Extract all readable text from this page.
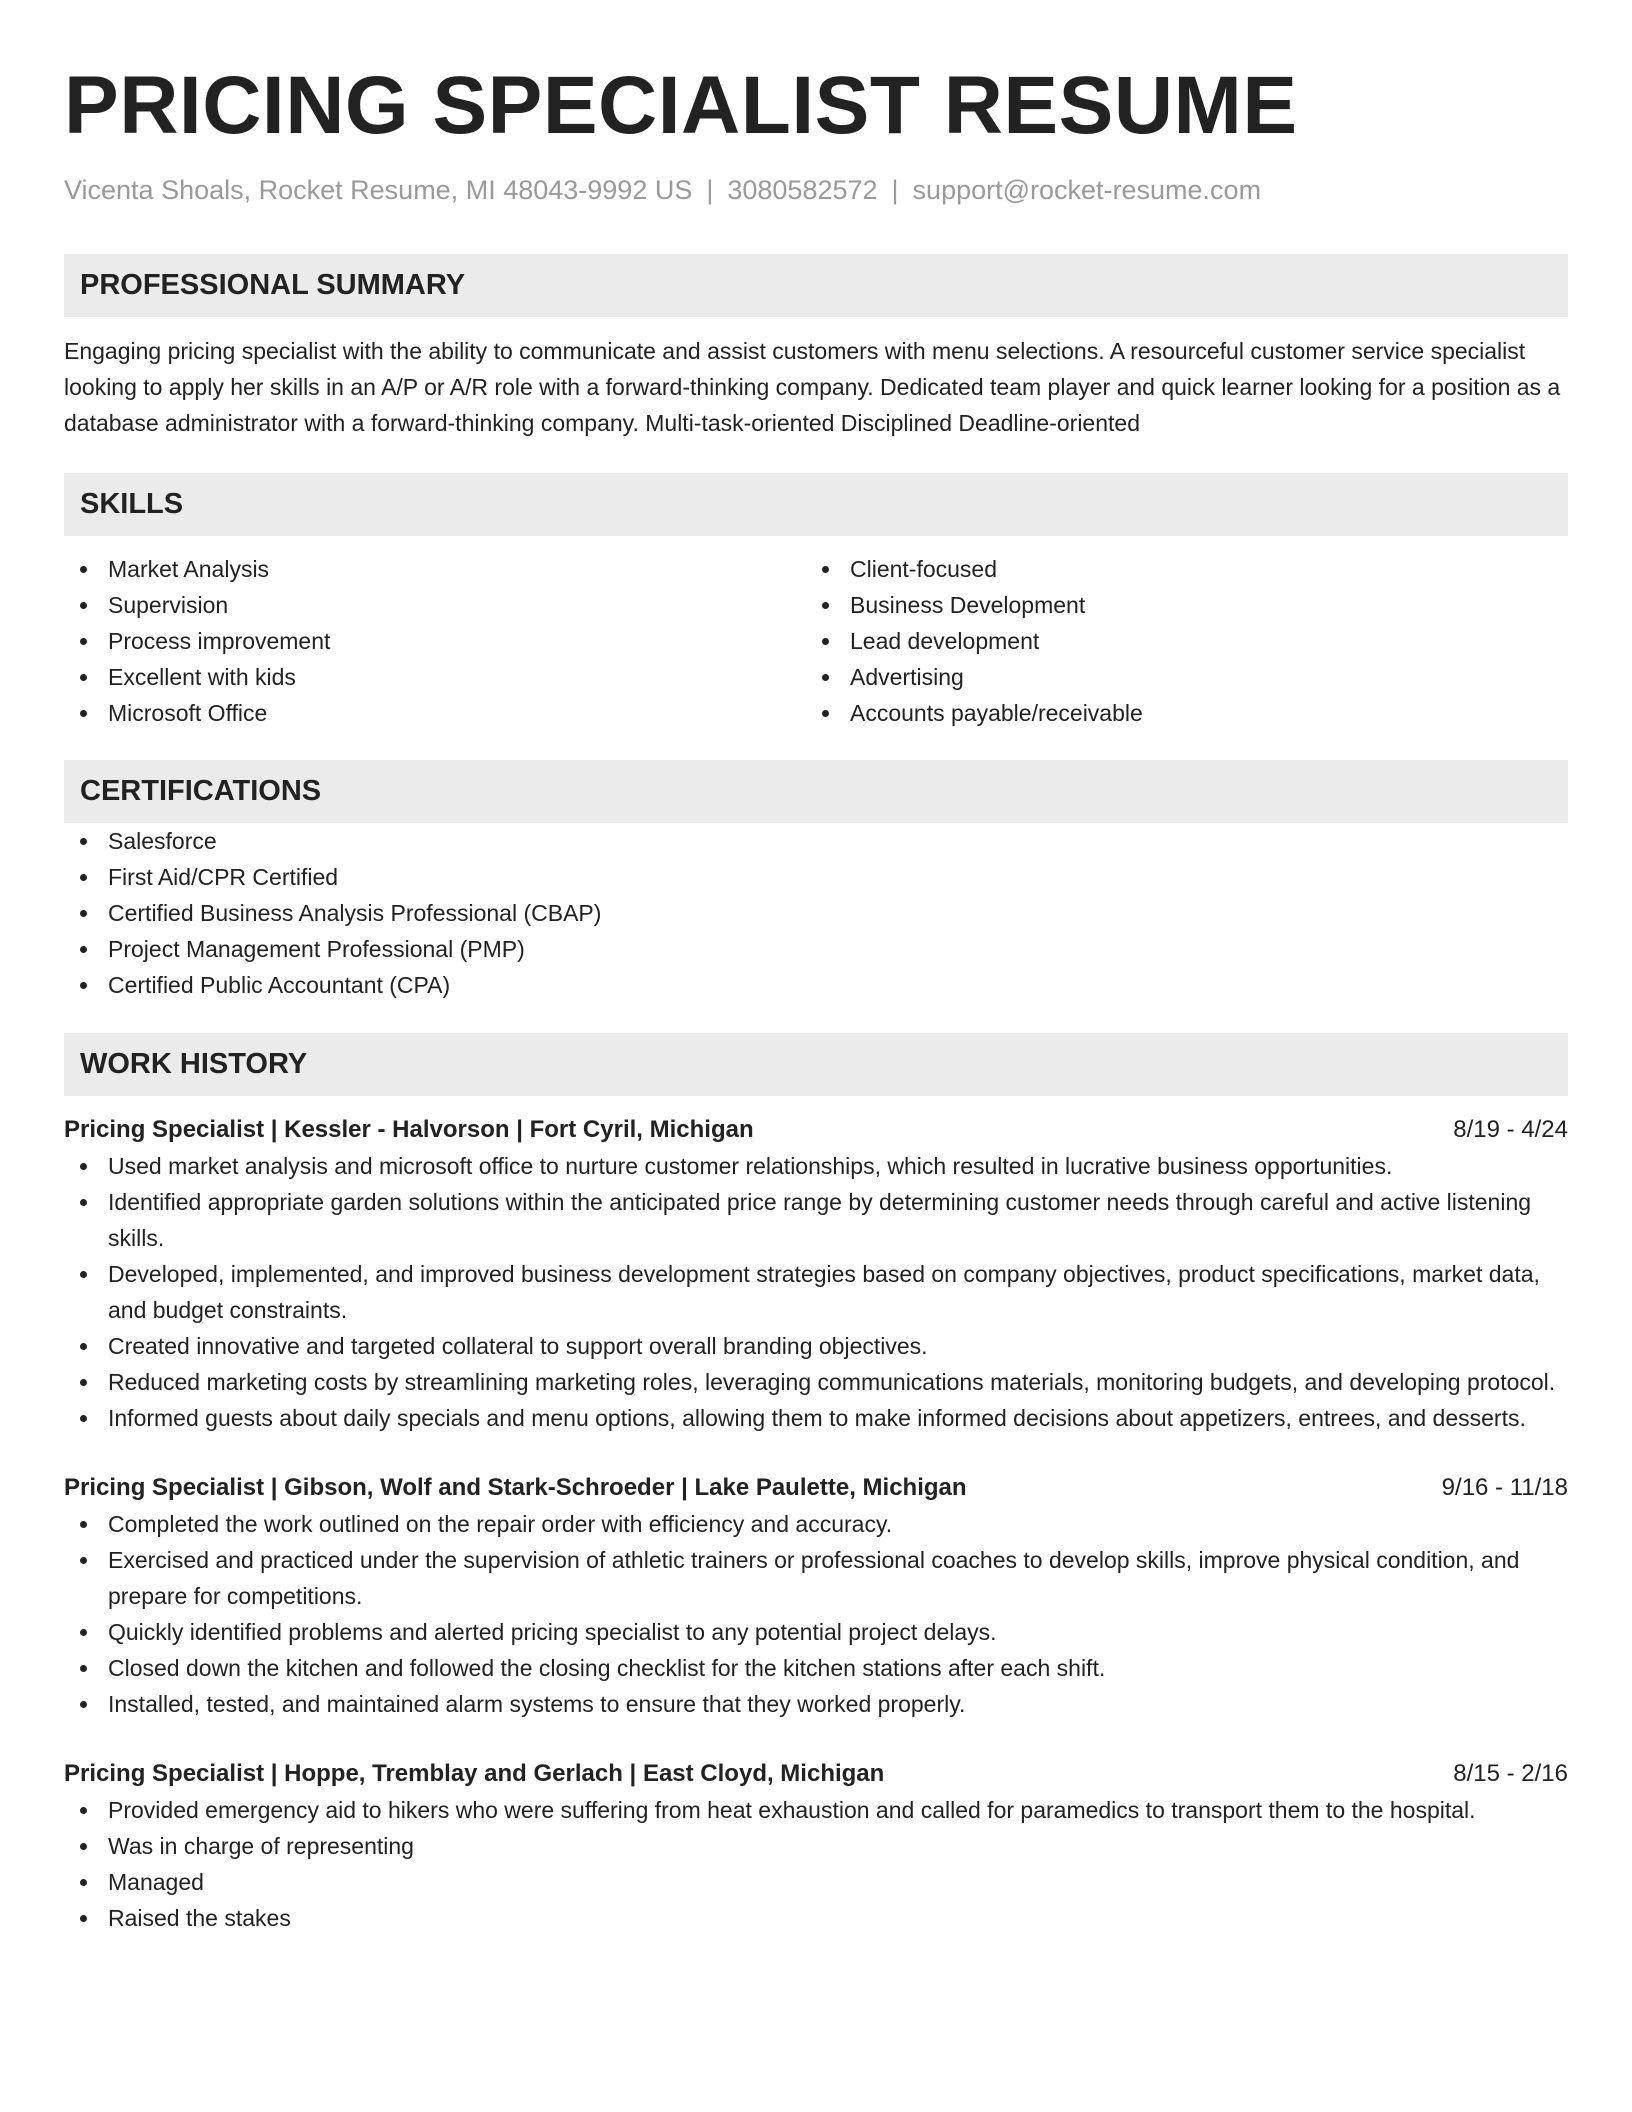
PRICING SPECIALIST RESUME
Vicenta Shoals, Rocket Resume, MI 48043-9992 US | 3080582572 | support@rocket-resume.com
PROFESSIONAL SUMMARY
Engaging pricing specialist with the ability to communicate and assist customers with menu selections. A resourceful customer service specialist looking to apply her skills in an A/P or A/R role with a forward-thinking company. Dedicated team player and quick learner looking for a position as a database administrator with a forward-thinking company. Multi-task-oriented Disciplined Deadline-oriented
SKILLS
Market Analysis
Supervision
Process improvement
Excellent with kids
Microsoft Office
Client-focused
Business Development
Lead development
Advertising
Accounts payable/receivable
CERTIFICATIONS
Salesforce
First Aid/CPR Certified
Certified Business Analysis Professional (CBAP)
Project Management Professional (PMP)
Certified Public Accountant (CPA)
WORK HISTORY
Pricing Specialist | Kessler - Halvorson | Fort Cyril, Michigan	8/19 - 4/24
Used market analysis and microsoft office to nurture customer relationships, which resulted in lucrative business opportunities.
Identified appropriate garden solutions within the anticipated price range by determining customer needs through careful and active listening skills.
Developed, implemented, and improved business development strategies based on company objectives, product specifications, market data, and budget constraints.
Created innovative and targeted collateral to support overall branding objectives.
Reduced marketing costs by streamlining marketing roles, leveraging communications materials, monitoring budgets, and developing protocol.
Informed guests about daily specials and menu options, allowing them to make informed decisions about appetizers, entrees, and desserts.
Pricing Specialist | Gibson, Wolf and Stark-Schroeder | Lake Paulette, Michigan	9/16 - 11/18
Completed the work outlined on the repair order with efficiency and accuracy.
Exercised and practiced under the supervision of athletic trainers or professional coaches to develop skills, improve physical condition, and prepare for competitions.
Quickly identified problems and alerted pricing specialist to any potential project delays.
Closed down the kitchen and followed the closing checklist for the kitchen stations after each shift.
Installed, tested, and maintained alarm systems to ensure that they worked properly.
Pricing Specialist | Hoppe, Tremblay and Gerlach | East Cloyd, Michigan	8/15 - 2/16
Provided emergency aid to hikers who were suffering from heat exhaustion and called for paramedics to transport them to the hospital.
Was in charge of representing
Managed
Raised the stakes
